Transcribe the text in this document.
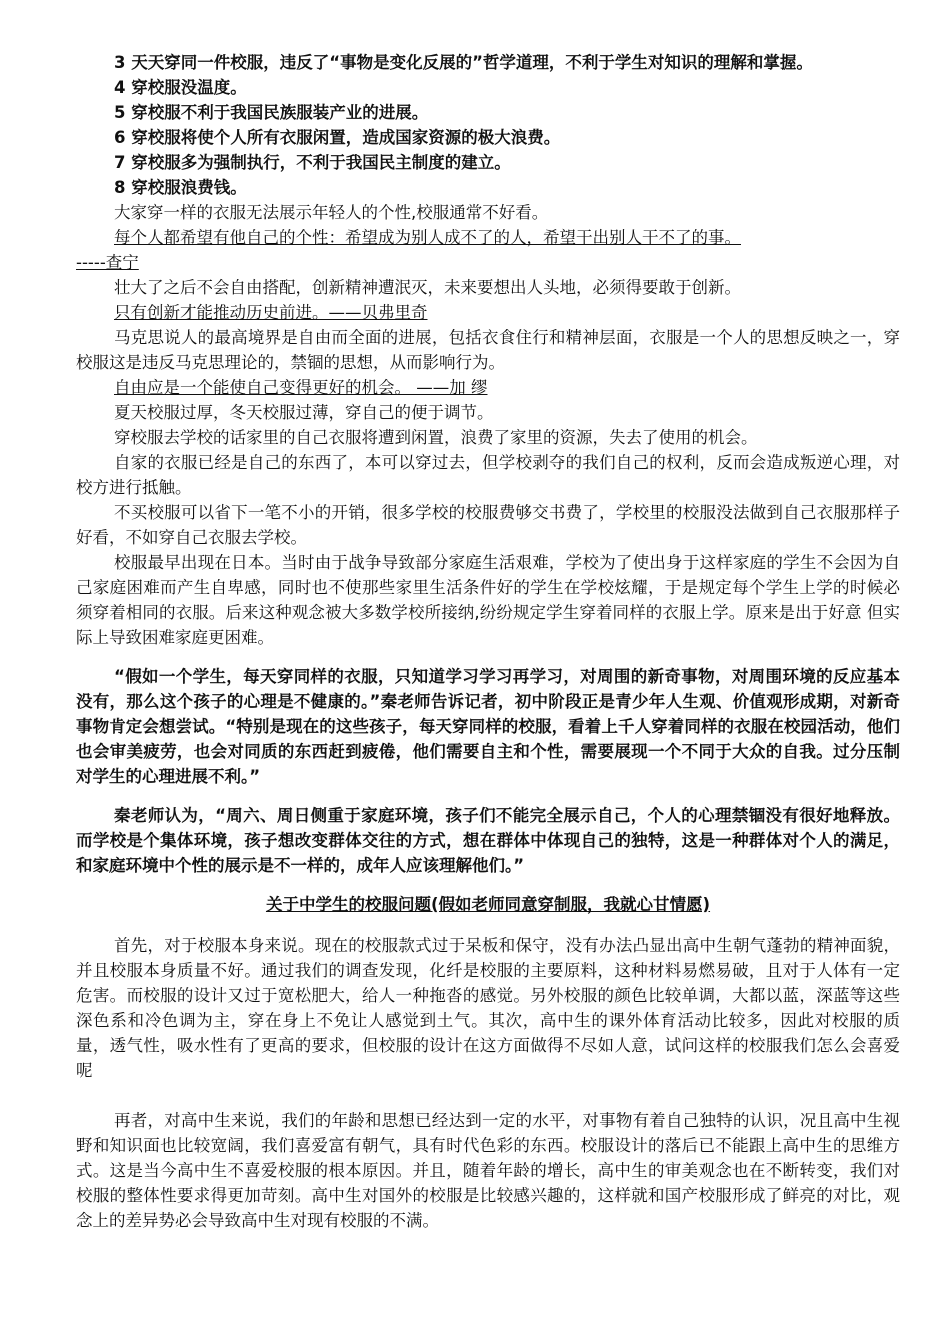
3 天天穿同一件校服，违反了“事物是变化反展的”哲学道理，不利于学生对知识的理解和掌握。

4 穿校服没温度。

5 穿校服不利于我国民族服装产业的进展。

6 穿校服将使个人所有衣服闲置，造成国家资源的极大浪费。

7 穿校服多为强制执行，不利于我国民主制度的建立。

8 穿校服浪费钱。

大家穿一样的衣服无法展示年轻人的个性,校服通常不好看。

每个人都希望有他自己的个性：希望成为别人成不了的人，希望干出别人干不了的事。

-----查宁

壮大了之后不会自由搭配，创新精神遭泯灭，未来要想出人头地，必须得要敢于创新。

只有创新才能推动历史前进。——贝弗里奇

马克思说人的最高境界是自由而全面的进展，包括衣食住行和精神层面，衣服是一个人的思想反映之一，穿校服这是违反马克思理论的，禁锢的思想，从而影响行为。

自由应是一个能使自己变得更好的机会。 ——加 缪

夏天校服过厚，冬天校服过薄，穿自己的便于调节。

穿校服去学校的话家里的自己衣服将遭到闲置，浪费了家里的资源，失去了使用的机会。

自家的衣服已经是自己的东西了，本可以穿过去，但学校剥夺的我们自己的权利，反而会造成叛逆心理，对校方进行抵触。

不买校服可以省下一笔不小的开销，很多学校的校服费够交书费了，学校里的校服没法做到自己衣服那样子好看，不如穿自己衣服去学校。

校服最早出现在日本。当时由于战争导致部分家庭生活艰难，学校为了使出身于这样家庭的学生不会因为自己家庭困难而产生自卑感，同时也不使那些家里生活条件好的学生在学校炫耀，于是规定每个学生上学的时候必须穿着相同的衣服。后来这种观念被大多数学校所接纳,纷纷规定学生穿着同样的衣服上学。原来是出于好意 但实际上导致困难家庭更困难。

“假如一个学生，每天穿同样的衣服，只知道学习学习再学习，对周围的新奇事物，对周围环境的反应基本没有，那么这个孩子的心理是不健康的。”秦老师告诉记者，初中阶段正是青少年人生观、价值观形成期，对新奇事物肯定会想尝试。“特别是现在的这些孩子，每天穿同样的校服，看着上千人穿着同样的衣服在校园活动，他们也会审美疲劳，也会对同质的东西赶到疲倦，他们需要自主和个性，需要展现一个不同于大众的自我。过分压制对学生的心理进展不利。”

秦老师认为，“周六、周日侧重于家庭环境，孩子们不能完全展示自己，个人的心理禁锢没有很好地释放。而学校是个集体环境，孩子想改变群体交往的方式，想在群体中体现自己的独特，这是一种群体对个人的满足，和家庭环境中个性的展示是不一样的，成年人应该理解他们。”

关于中学生的校服问题(假如老师同意穿制服，我就心甘情愿)

首先，对于校服本身来说。现在的校服款式过于呆板和保守，没有办法凸显出高中生朝气蓬勃的精神面貌，并且校服本身质量不好。通过我们的调查发现，化纤是校服的主要原料，这种材料易燃易破，且对于人体有一定危害。而校服的设计又过于宽松肥大，给人一种拖沓的感觉。另外校服的颜色比较单调，大都以蓝，深蓝等这些深色系和冷色调为主，穿在身上不免让人感觉到土气。其次，高中生的课外体育活动比较多，因此对校服的质量，透气性，吸水性有了更高的要求，但校服的设计在这方面做得不尽如人意，试问这样的校服我们怎么会喜爱呢

再者，对高中生来说，我们的年龄和思想已经达到一定的水平，对事物有着自己独特的认识，况且高中生视野和知识面也比较宽阔，我们喜爱富有朝气，具有时代色彩的东西。校服设计的落后已不能跟上高中生的思维方式。这是当今高中生不喜爱校服的根本原因。并且，随着年龄的增长，高中生的审美观念也在不断转变，我们对校服的整体性要求得更加苛刻。高中生对国外的校服是比较感兴趣的，这样就和国产校服形成了鲜亮的对比，观念上的差异势必会导致高中生对现有校服的不满。
